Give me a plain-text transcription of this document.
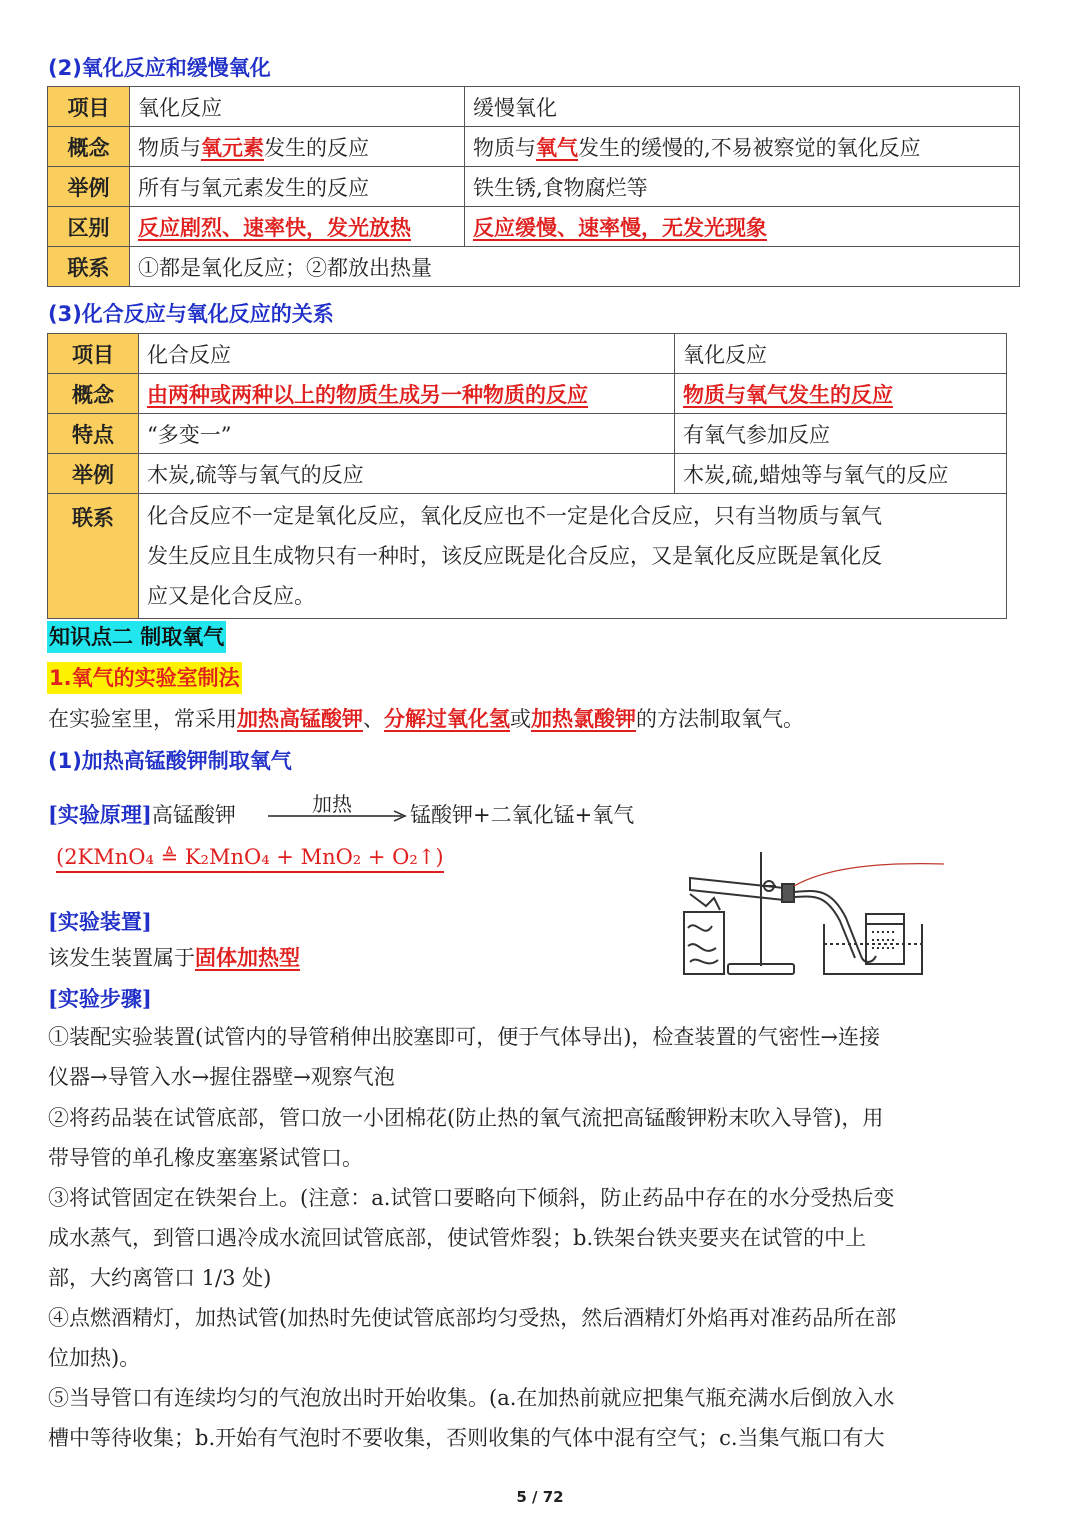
(2)氧化反应和缓慢氧化
项目	氧化反应	缓慢氧化
概念	物质与氧元素发生的反应	物质与氧气发生的缓慢的,不易被察觉的氧化反应
举例	所有与氧元素发生的反应	铁生锈,食物腐烂等
区别	反应剧烈、速率快，发光放热	反应缓慢、速率慢，无发光现象
联系	①都是氧化反应；②都放出热量	
(3)化合反应与氧化反应的关系
项目	化合反应	氧化反应
概念	由两种或两种以上的物质生成另一种物质的反应	物质与氧气发生的反应
特点	“多变一”	有氧气参加反应
举例	木炭,硫等与氧气的反应	木炭,硫,蜡烛等与氧气的反应
联系	化合反应不一定是氧化反应，氧化反应也不一定是化合反应，只有当物质与氧气
发生反应且生成物只有一种时，该反应既是化合反应，又是氧化反应既是氧化反
应又是化合反应。	
知识点二 制取氧气
1.氧气的实验室制法
在实验室里，常采用加热高锰酸钾、分解过氧化氢或加热氯酸钾的方法制取氧气。
(1)加热高锰酸钾制取氧气
[实验原理]高锰酸钾	加热	锰酸钾+二氧化锰+氧气
(2KMnO₄ ≜ K₂MnO₄ + MnO₂ + O₂↑)
[实验装置]
该发生装置属于固体加热型
[实验步骤]
①装配实验装置(试管内的导管稍伸出胶塞即可，便于气体导出)，检查装置的气密性→连接
仪器→导管入水→握住器壁→观察气泡
②将药品装在试管底部，管口放一小团棉花(防止热的氧气流把高锰酸钾粉末吹入导管)，用
带导管的单孔橡皮塞塞紧试管口。
③将试管固定在铁架台上。(注意：a.试管口要略向下倾斜，防止药品中存在的水分受热后变
成水蒸气，到管口遇冷成水流回试管底部，使试管炸裂；b.铁架台铁夹要夹在试管的中上
部，大约离管口 1/3 处)
④点燃酒精灯，加热试管(加热时先使试管底部均匀受热，然后酒精灯外焰再对准药品所在部
位加热)。
⑤当导管口有连续均匀的气泡放出时开始收集。(a.在加热前就应把集气瓶充满水后倒放入水
槽中等待收集；b.开始有气泡时不要收集，否则收集的气体中混有空气；c.当集气瓶口有大
5 / 72
